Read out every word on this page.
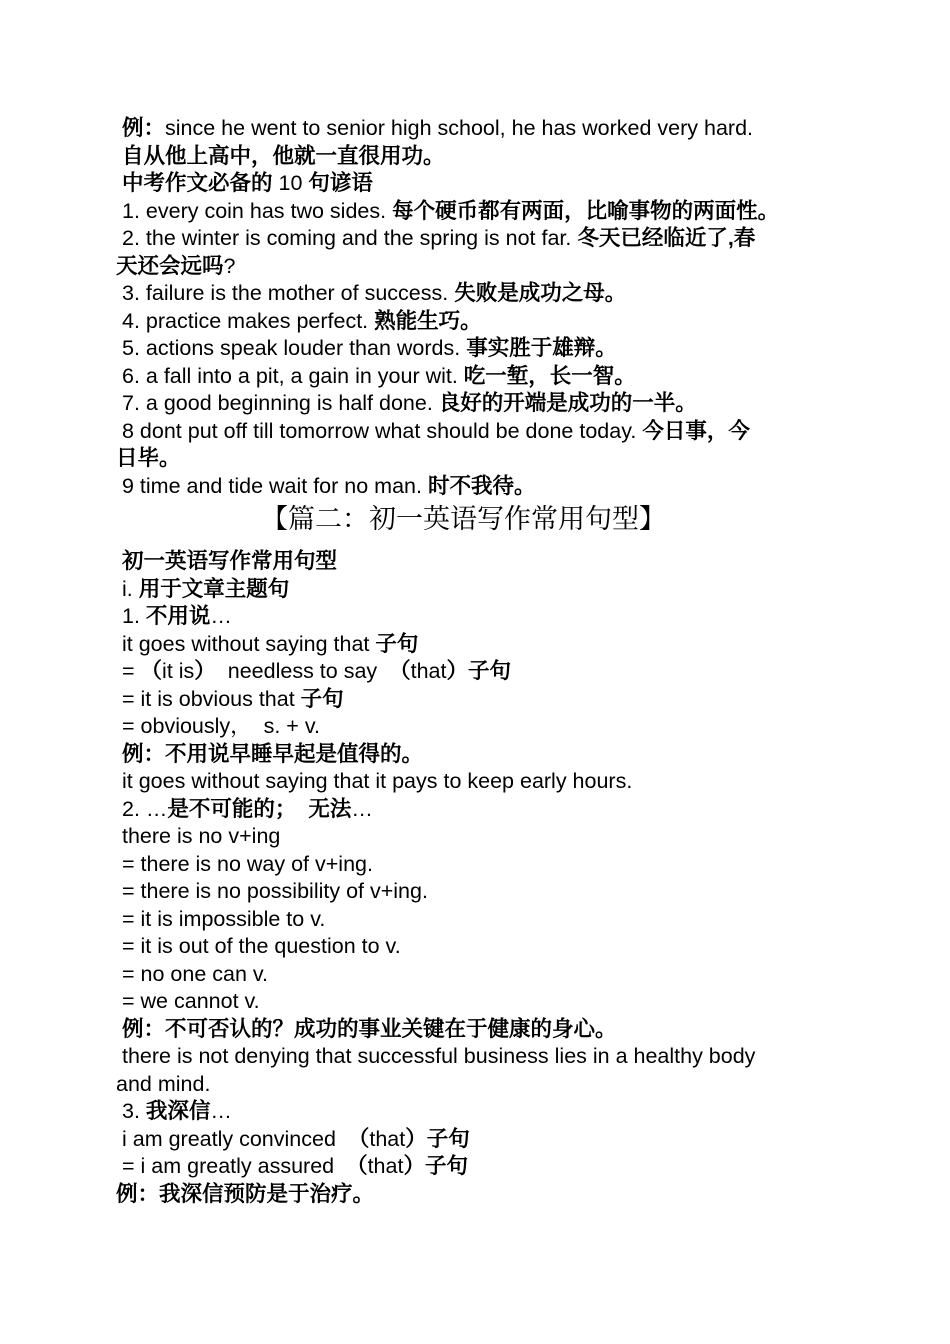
例：since he went to senior high school, he has worked very hard.
自从他上高中，他就一直很用功。
中考作文必备的 10 句谚语
1. every coin has two sides. 每个硬币都有两面，比喻事物的两面性。
2. the winter is coming and the spring is not far. 冬天已经临近了,春
天还会远吗?
3. failure is the mother of success. 失败是成功之母。
4. practice makes perfect. 熟能生巧。
5. actions speak louder than words. 事实胜于雄辩。
6. a fall into a pit, a gain in your wit. 吃一堑，长一智。
7. a good beginning is half done. 良好的开端是成功的一半。
8 dont put off till tomorrow what should be done today. 今日事，今
日毕。
9 time and tide wait for no man. 时不我待。
【篇二：初一英语写作常用句型】
初一英语写作常用句型
i. 用于文章主题句
1. 不用说…
it goes without saying that 子句
= （it is）  needless to say  （that）子句
= it is obvious that 子句
= obviously，  s. + v.
例：不用说早睡早起是值得的。
it goes without saying that it pays to keep early hours.
2. …是不可能的；  无法…
there is no v+ing
= there is no way of v+ing.
= there is no possibility of v+ing.
= it is impossible to v.
= it is out of the question to v.
= no one can v.
= we cannot v.
例：不可否认的？成功的事业关键在于健康的身心。
there is not denying that successful business lies in a healthy body
and mind.
3. 我深信…
i am greatly convinced  （that）子句
= i am greatly assured  （that）子句
例：我深信预防是于治疗。
